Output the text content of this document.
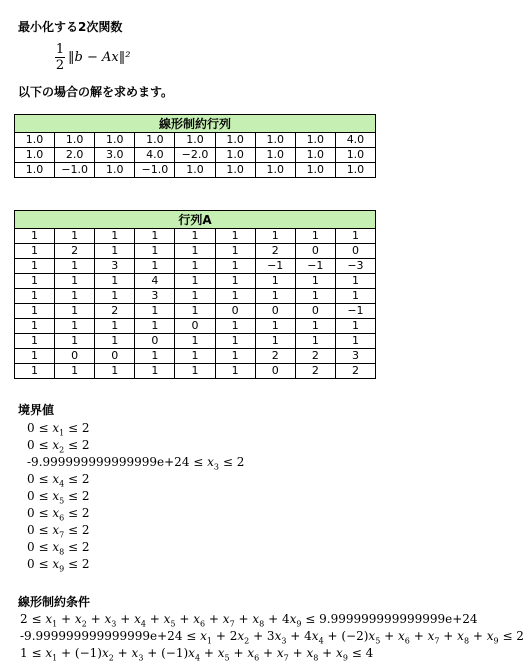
最小化する2次関数
1
2
‖b − Ax‖²
以下の場合の解を求めます。
線形制約行列								
1.0	1.0	1.0	1.0	1.0	1.0	1.0	1.0	4.0
1.0	2.0	3.0	4.0	−2.0	1.0	1.0	1.0	1.0
1.0	−1.0	1.0	−1.0	1.0	1.0	1.0	1.0	1.0
行列A								
1	1	1	1	1	1	1	1	1
1	2	1	1	1	1	2	0	0
1	1	3	1	1	1	−1	−1	−3
1	1	1	4	1	1	1	1	1
1	1	1	3	1	1	1	1	1
1	1	2	1	1	0	0	0	−1
1	1	1	1	0	1	1	1	1
1	1	1	0	1	1	1	1	1
1	0	0	1	1	1	2	2	3
1	1	1	1	1	1	0	2	2
境界値
$0 \le x_1 \le 2$
$0 \le x_2 \le 2$
$-9.999999999999999e+24 \le x_3 \le 2$
$0 \le x_4 \le 2$
$0 \le x_5 \le 2$
$0 \le x_6 \le 2$
$0 \le x_7 \le 2$
$0 \le x_8 \le 2$
$0 \le x_9 \le 2$
線形制約条件
$2 \le x_1 + x_2 + x_3 + x_4 + x_5 + x_6 + x_7 + x_8 + 4x_9 \le 9.999999999999999e+24$
$-9.999999999999999e+24 \le x_1 + 2x_2 + 3x_3 + 4x_4 + (-2)x_5 + x_6 + x_7 + x_8 + x_9 \le 2$
$1 \le x_1 + (-1)x_2 + x_3 + (-1)x_4 + x_5 + x_6 + x_7 + x_8 + x_9 \le 4$
